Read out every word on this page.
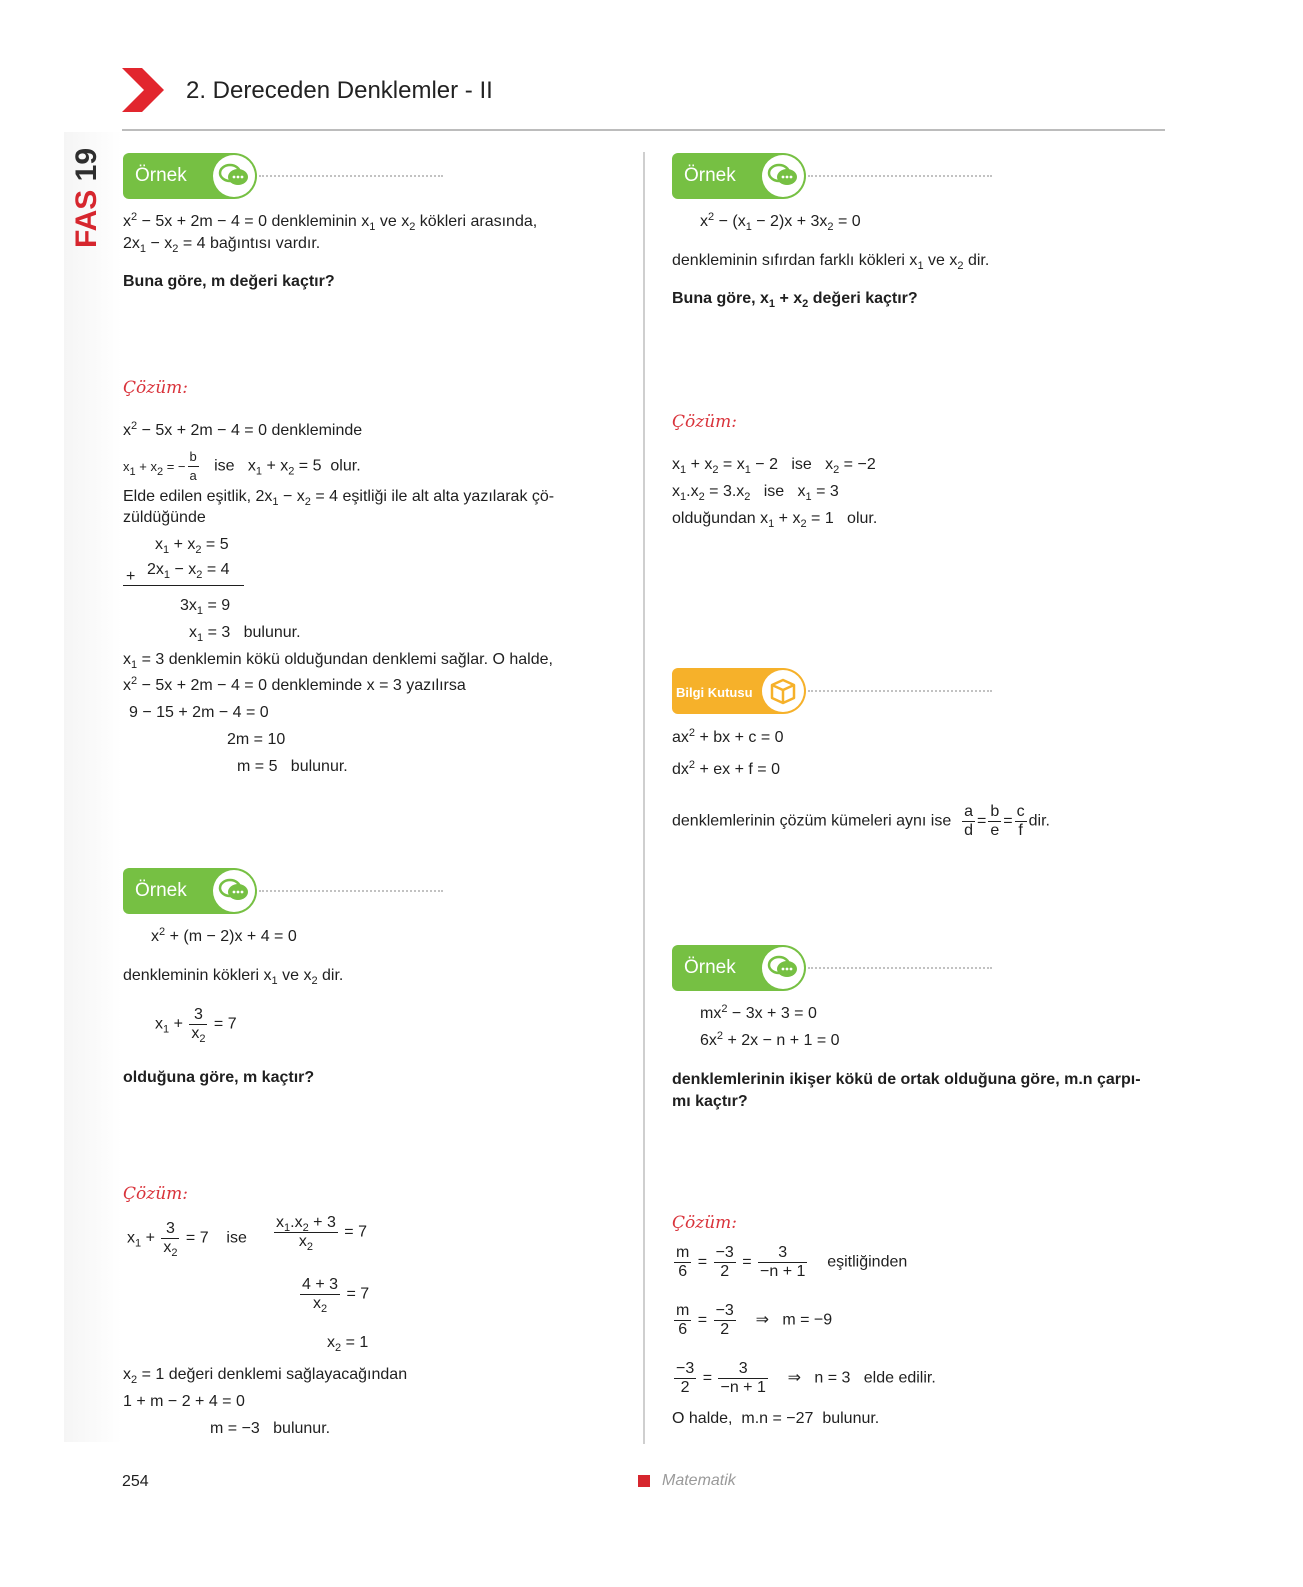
2. Dereceden Denklemler - II
FAS 19 Örnek
$x^2 - 5x + 2m - 4 = 0$ denkleminin $x_1$ ve $x_2$ kökleri arasında,
$2x_1 - x_2 = 4$ bağıntısı vardır.
Buna göre, m değeri kaçtır?
Çözüm:
$x^2 - 5x + 2m - 4 = 0$ denkleminde
$x_1 + x_2$ = − $\frac{b}{a}$ ise   $x_1 + x_2 = 5$  olur.
Elde edilen eşitlik, $2x_1 - x_2 = 4$ eşitliği ile alt alta yazılarak çö-
züldüğünde
$x_1 + x_2 = 5$
+ $2x_1 - x_2 = 4$
$3x_1 = 9$
$x_1 = 3$   bulunur.
$x_1 = 3$ denklemin kökü olduğundan denklemi sağlar. O halde,
$x^2 - 5x + 2m - 4 = 0$ denkleminde x = 3 yazılırsa
9 − 15 + 2m − 4 = 0
2m = 10
m = 5   bulunur.
Örnek
$x^2 + (m - 2)x + 4 = 0$
denkleminin kökleri $x_1$ ve $x_2$ dir.
$x_1 + \frac{3}{x_2} = 7$
olduğuna göre, m kaçtır?
Çözüm:
$x_1 + \frac{3}{x_2} = 7$    ise $\frac{x_1.x_2 + 3}{x_2} = 7$
$\frac{4 + 3}{x_2} = 7$
$x_2 = 1$
$x_2 = 1$ değeri denklemi sağlayacağından
1 + m − 2 + 4 = 0
m = −3   bulunur.
Örnek
$x^2 - (x_1 - 2)x + 3x_2 = 0$
denkleminin sıfırdan farklı kökleri $x_1$ ve $x_2$ dir.
Buna göre, $x_1 + x_2$ değeri kaçtır?
Çözüm:
$x_1 + x_2 = x_1 - 2$   ise   $x_2 = -2$
$x_1.x_2 = 3.x_2$ ise   $x_1 = 3$
olduğundan $x_1 + x_2 = 1$   olur.
Bilgi Kutusu
$ax^2$ + bx + c = 0
$dx^2$ + ex + f = 0
denklemlerinin çözüm kümeleri aynı ise $\frac{a}{d} = \frac{b}{e} = \frac{c}{f}$ dir.
Örnek
$mx^2 - 3x + 3 = 0$
$6x^2 + 2x - n + 1 = 0$
denklemlerinin ikişer kökü de ortak olduğuna göre, m.n çarpı-
mı kaçtır?
Çözüm:
$\frac{m}{6} = \frac{-3}{2} = \frac{3}{-n + 1}$ eşitliğinden
$\frac{m}{6} = \frac{-3}{2}$ ⇒   m = −9
$\frac{-3}{2} = \frac{3}{-n + 1}$ ⇒   n = 3   elde edilir.
O halde,  m.n = −27  bulunur.
254	Matematik
